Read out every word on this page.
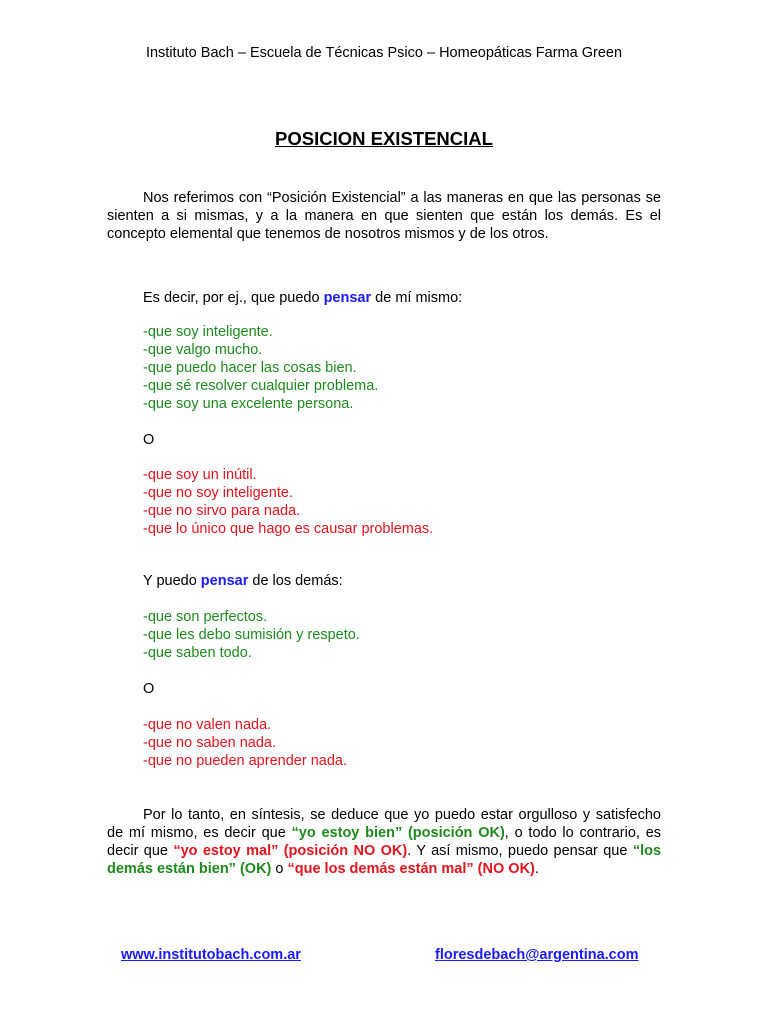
Instituto Bach – Escuela de Técnicas Psico – Homeopáticas Farma Green
POSICION EXISTENCIAL
Nos referimos con “Posición Existencial” a las maneras en que las personas se sienten a si mismas, y a la manera en que sienten que están los demás. Es el concepto elemental que tenemos de nosotros mismos y de los otros.
Es decir, por ej., que puedo pensar de mí mismo:
-que soy inteligente.
-que valgo mucho.
-que puedo hacer las cosas bien.
-que sé resolver cualquier problema.
-que soy una excelente persona.
O
-que soy un inútil.
-que no soy inteligente.
-que no sirvo para nada.
-que lo único que hago es causar problemas.
Y puedo pensar de los demás:
-que son perfectos.
-que les debo sumisión y respeto.
-que saben todo.
O
-que no valen nada.
-que no saben nada.
-que no pueden aprender nada.
Por lo tanto, en síntesis, se deduce que yo puedo estar orgulloso y satisfecho de mí mismo, es decir que “yo estoy bien” (posición OK), o todo lo contrario, es decir que “yo estoy mal” (posición NO OK). Y así mismo, puedo pensar que “los demás están bien” (OK) o “que los demás están mal” (NO OK).
www.institutobach.com.ar	floresdebach@argentina.com
